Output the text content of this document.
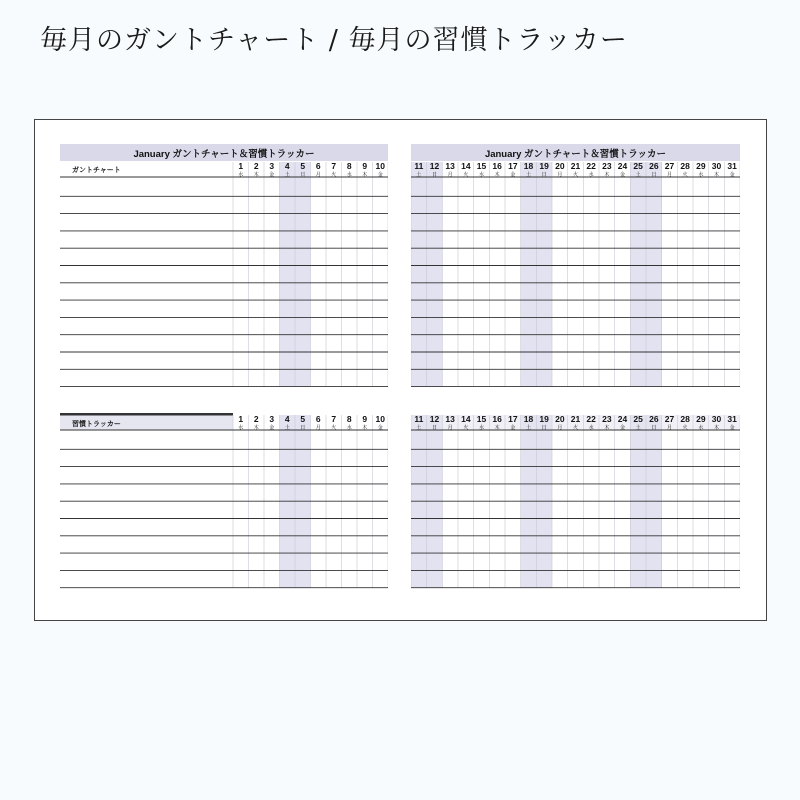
毎月のガントチャート / 毎月の習慣トラッカー
January ガントチャート＆習慣トラッカー
1
水
2
木
3
金
4
土
5
日
6
月
7
火
8
水
9
木
10
金
1
水
2
木
3
金
4
土
5
日
6
月
7
火
8
水
9
木
10
金
ガントチャート
習慣トラッカー
January ガントチャート＆習慣トラッカー
11
土
12
日
13
月
14
火
15
水
16
木
17
金
18
土
19
日
20
月
21
火
22
水
23
木
24
金
25
土
26
日
27
月
28
火
29
水
30
木
31
金
11
土
12
日
13
月
14
火
15
水
16
木
17
金
18
土
19
日
20
月
21
火
22
水
23
木
24
金
25
土
26
日
27
月
28
火
29
水
30
木
31
金
